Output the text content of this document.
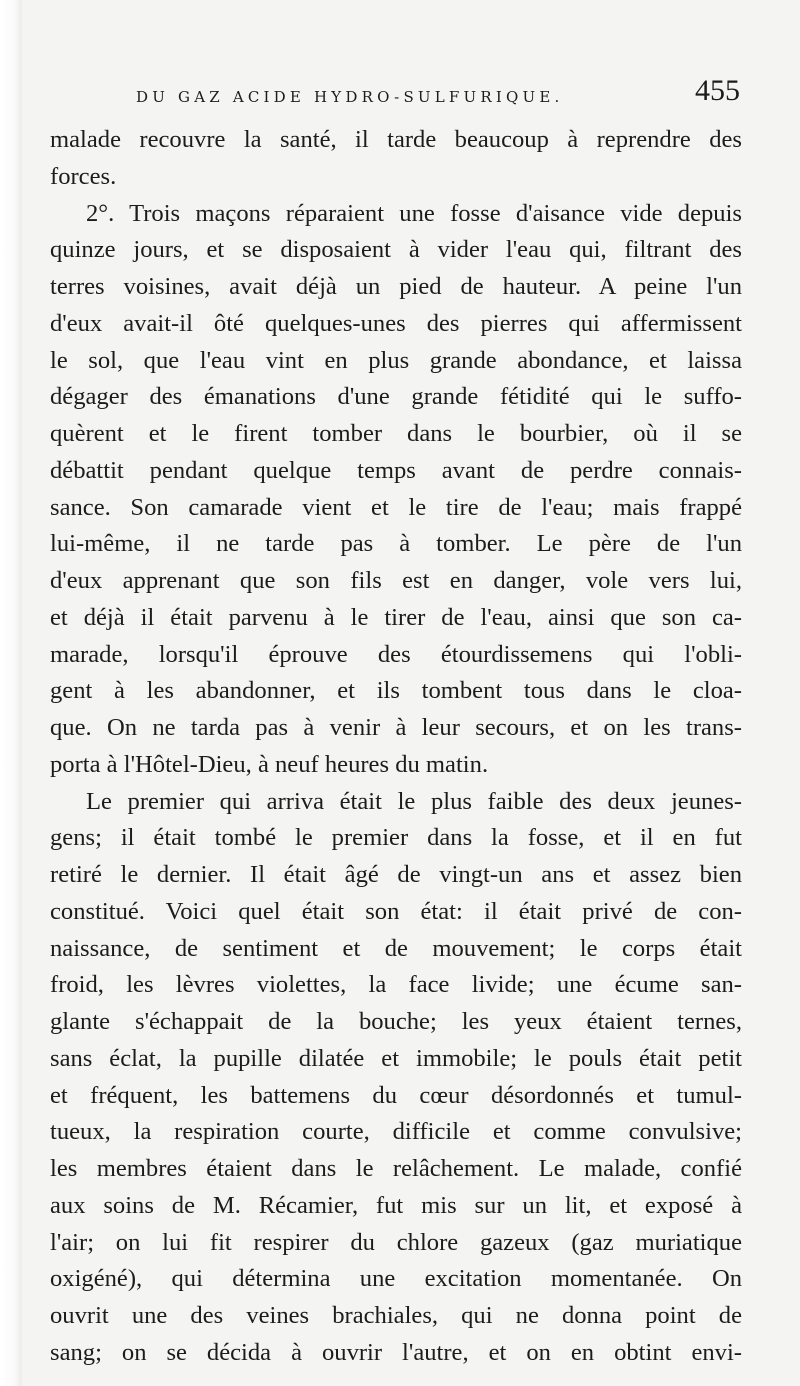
DU GAZ ACIDE HYDRO-SULFURIQUE.	455
malade recouvre la santé, il tarde beaucoup à reprendre des
forces.
2°. Trois maçons réparaient une fosse d'aisance vide depuis
quinze jours, et se disposaient à vider l'eau qui, filtrant des
terres voisines, avait déjà un pied de hauteur. A peine l'un
d'eux avait-il ôté quelques-unes des pierres qui affermissent
le sol, que l'eau vint en plus grande abondance, et laissa
dégager des émanations d'une grande fétidité qui le suffo-
quèrent et le firent tomber dans le bourbier, où il se
débattit pendant quelque temps avant de perdre connais-
sance. Son camarade vient et le tire de l'eau; mais frappé
lui-même, il ne tarde pas à tomber. Le père de l'un
d'eux apprenant que son fils est en danger, vole vers lui,
et déjà il était parvenu à le tirer de l'eau, ainsi que son ca-
marade, lorsqu'il éprouve des étourdissemens qui l'obli-
gent à les abandonner, et ils tombent tous dans le cloa-
que. On ne tarda pas à venir à leur secours, et on les trans-
porta à l'Hôtel-Dieu, à neuf heures du matin.
Le premier qui arriva était le plus faible des deux jeunes-
gens; il était tombé le premier dans la fosse, et il en fut
retiré le dernier. Il était âgé de vingt-un ans et assez bien
constitué. Voici quel était son état: il était privé de con-
naissance, de sentiment et de mouvement; le corps était
froid, les lèvres violettes, la face livide; une écume san-
glante s'échappait de la bouche; les yeux étaient ternes,
sans éclat, la pupille dilatée et immobile; le pouls était petit
et fréquent, les battemens du cœur désordonnés et tumul-
tueux, la respiration courte, difficile et comme convulsive;
les membres étaient dans le relâchement. Le malade, confié
aux soins de M. Récamier, fut mis sur un lit, et exposé à
l'air; on lui fit respirer du chlore gazeux (gaz muriatique
oxigéné), qui détermina une excitation momentanée. On
ouvrit une des veines brachiales, qui ne donna point de
sang; on se décida à ouvrir l'autre, et on en obtint envi-
